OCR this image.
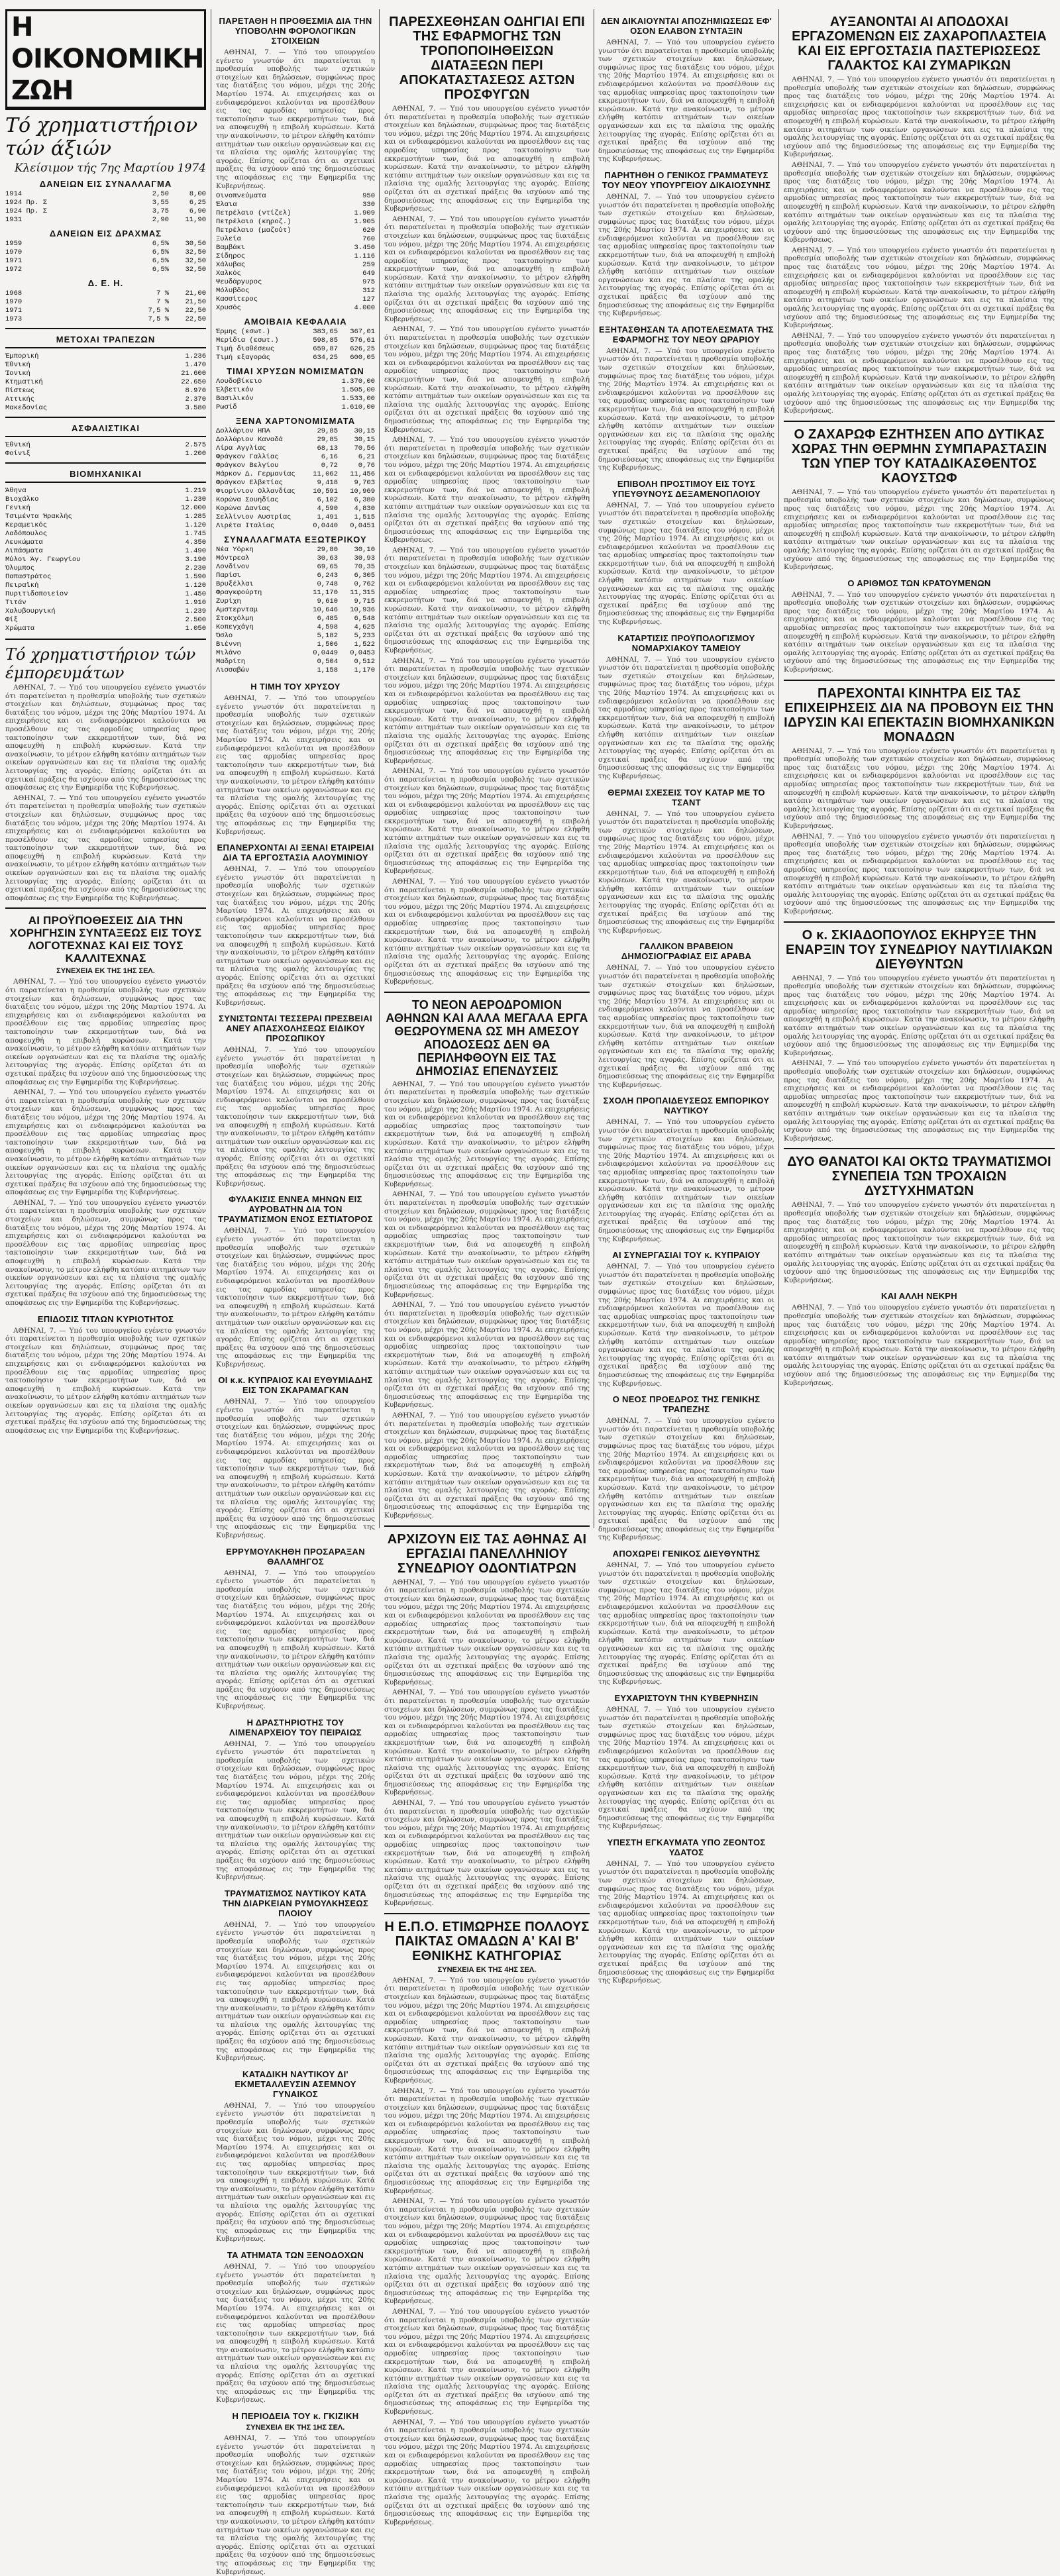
Η ΟΙΚΟΝΟΜΙΚΗ ΖΩΗ
Τό χρηματιστήριον τών άξιών
Κλείσιμον τής 7ης Μαρτίου 1974
ΔΑΝΕΙΩΝ ΕΙΣ ΣΥΝΑΛΛΑΓΜΑ
1914	2,50	8,00
1924 Πρ. Σ	3,55	6,25
1924 Πρ. Σ	3,75	6,90
1931	2,90	11,90
ΔΑΝΕΙΩΝ ΕΙΣ ΔΡΑΧΜΑΣ
1959	6,5%	30,50
1970	6,5%	32,50
1971	6,5%	32,50
1972	6,5%	32,50
Δ. Ε. Η.
1968	7 %	21,00
1970	7 %	21,50
1971	7,5 %	22,50
1973	7,5 %	22,50
ΜΕΤΟΧΑΙ ΤΡΑΠΕΖΩΝ
Έμπορική	1.236
Έθνική	1.470
Ίονική	21.600
Κτηματική	22.650
Πίστεως	8.970
Αττικής	2.370
Μακεδονίας	3.580
ΑΣΦΑΛΙΣΤΙΚΑΙ
Έθνική	2.575
Φοίνιξ	1.200
ΒΙΟΜΗΧΑΝΙΚΑΙ
Άθηνα	1.219
Βιοχάλκο	1.230
Γενική	12.000
Τσιμέντα Ήρακλής	1.285
Κεραμεικός	1.120
Λαδόπουλος	1.745
Λευκώματα	4.350
Λιπάσματα	1.490
Μύλοι Άγ. Γεωργίου	3.190
Όλυμπος	2.230
Παπαστράτος	1.590
Πειραϊκή	1.120
Πυριτιδοποιείον	1.450
Τιτάν	1.910
Χαλυβουργική	1.239
Φίξ	2.500
Χρώματα	1.050
Τό χρηματιστήριον τών έμπορευμάτων

ΑΘΗΝΑΙ, 7. — Υπό του υπουργείου εγένετο γνωστόν ότι παρατείνεται η προθεσμία υποβολής των σχετικών στοιχείων και δηλώσεων, συμφώνως προς τας διατάξεις του νόμου, μέχρι της 20ής Μαρτίου 1974. Αι επιχειρήσεις και οι ενδιαφερόμενοι καλούνται να προσέλθουν εις τας αρμοδίας υπηρεσίας προς τακτοποίησιν των εκκρεμοτήτων των, διά να αποφευχθή η επιβολή κυρώσεων. Κατά την ανακοίνωσιν, το μέτρον ελήφθη κατόπιν αιτημάτων των οικείων οργανώσεων και εις τα πλαίσια της ομαλής λειτουργίας της αγοράς. Επίσης ορίζεται ότι αι σχετικαί πράξεις θα ισχύουν από της δημοσιεύσεως της αποφάσεως εις την Εφημερίδα της Κυβερνήσεως.

ΑΘΗΝΑΙ, 7. — Υπό του υπουργείου εγένετο γνωστόν ότι παρατείνεται η προθεσμία υποβολής των σχετικών στοιχείων και δηλώσεων, συμφώνως προς τας διατάξεις του νόμου, μέχρι της 20ής Μαρτίου 1974. Αι επιχειρήσεις και οι ενδιαφερόμενοι καλούνται να προσέλθουν εις τας αρμοδίας υπηρεσίας προς τακτοποίησιν των εκκρεμοτήτων των, διά να αποφευχθή η επιβολή κυρώσεων. Κατά την ανακοίνωσιν, το μέτρον ελήφθη κατόπιν αιτημάτων των οικείων οργανώσεων και εις τα πλαίσια της ομαλής λειτουργίας της αγοράς. Επίσης ορίζεται ότι αι σχετικαί πράξεις θα ισχύουν από της δημοσιεύσεως της αποφάσεως εις την Εφημερίδα της Κυβερνήσεως.

ΑΙ ΠΡΟΫΠΟΘΕΣΕΙΣ ΔΙΑ ΤΗΝ ΧΟΡΗΓΗΣΙΝ ΣΥΝΤΑΞΕΩΣ ΕΙΣ ΤΟΥΣ ΛΟΓΟΤΕΧΝΑΣ ΚΑΙ ΕΙΣ ΤΟΥΣ ΚΑΛΛΙΤΕΧΝΑΣ
ΣΥΝΕΧΕΙΑ ΕΚ ΤΗΣ 1ΗΣ ΣΕΛ.

ΑΘΗΝΑΙ, 7. — Υπό του υπουργείου εγένετο γνωστόν ότι παρατείνεται η προθεσμία υποβολής των σχετικών στοιχείων και δηλώσεων, συμφώνως προς τας διατάξεις του νόμου, μέχρι της 20ής Μαρτίου 1974. Αι επιχειρήσεις και οι ενδιαφερόμενοι καλούνται να προσέλθουν εις τας αρμοδίας υπηρεσίας προς τακτοποίησιν των εκκρεμοτήτων των, διά να αποφευχθή η επιβολή κυρώσεων. Κατά την ανακοίνωσιν, το μέτρον ελήφθη κατόπιν αιτημάτων των οικείων οργανώσεων και εις τα πλαίσια της ομαλής λειτουργίας της αγοράς. Επίσης ορίζεται ότι αι σχετικαί πράξεις θα ισχύουν από της δημοσιεύσεως της αποφάσεως εις την Εφημερίδα της Κυβερνήσεως.

ΑΘΗΝΑΙ, 7. — Υπό του υπουργείου εγένετο γνωστόν ότι παρατείνεται η προθεσμία υποβολής των σχετικών στοιχείων και δηλώσεων, συμφώνως προς τας διατάξεις του νόμου, μέχρι της 20ής Μαρτίου 1974. Αι επιχειρήσεις και οι ενδιαφερόμενοι καλούνται να προσέλθουν εις τας αρμοδίας υπηρεσίας προς τακτοποίησιν των εκκρεμοτήτων των, διά να αποφευχθή η επιβολή κυρώσεων. Κατά την ανακοίνωσιν, το μέτρον ελήφθη κατόπιν αιτημάτων των οικείων οργανώσεων και εις τα πλαίσια της ομαλής λειτουργίας της αγοράς. Επίσης ορίζεται ότι αι σχετικαί πράξεις θα ισχύουν από της δημοσιεύσεως της αποφάσεως εις την Εφημερίδα της Κυβερνήσεως.

ΑΘΗΝΑΙ, 7. — Υπό του υπουργείου εγένετο γνωστόν ότι παρατείνεται η προθεσμία υποβολής των σχετικών στοιχείων και δηλώσεων, συμφώνως προς τας διατάξεις του νόμου, μέχρι της 20ής Μαρτίου 1974. Αι επιχειρήσεις και οι ενδιαφερόμενοι καλούνται να προσέλθουν εις τας αρμοδίας υπηρεσίας προς τακτοποίησιν των εκκρεμοτήτων των, διά να αποφευχθή η επιβολή κυρώσεων. Κατά την ανακοίνωσιν, το μέτρον ελήφθη κατόπιν αιτημάτων των οικείων οργανώσεων και εις τα πλαίσια της ομαλής λειτουργίας της αγοράς. Επίσης ορίζεται ότι αι σχετικαί πράξεις θα ισχύουν από της δημοσιεύσεως της αποφάσεως εις την Εφημερίδα της Κυβερνήσεως.

ΕΠΙΔΟΣΙΣ ΤΙΤΛΩΝ ΚΥΡΙΟΤΗΤΟΣ

ΑΘΗΝΑΙ, 7. — Υπό του υπουργείου εγένετο γνωστόν ότι παρατείνεται η προθεσμία υποβολής των σχετικών στοιχείων και δηλώσεων, συμφώνως προς τας διατάξεις του νόμου, μέχρι της 20ής Μαρτίου 1974. Αι επιχειρήσεις και οι ενδιαφερόμενοι καλούνται να προσέλθουν εις τας αρμοδίας υπηρεσίας προς τακτοποίησιν των εκκρεμοτήτων των, διά να αποφευχθή η επιβολή κυρώσεων. Κατά την ανακοίνωσιν, το μέτρον ελήφθη κατόπιν αιτημάτων των οικείων οργανώσεων και εις τα πλαίσια της ομαλής λειτουργίας της αγοράς. Επίσης ορίζεται ότι αι σχετικαί πράξεις θα ισχύουν από της δημοσιεύσεως της αποφάσεως εις την Εφημερίδα της Κυβερνήσεως.

ΠΑΡΕΤΑΘΗ Η ΠΡΟΘΕΣΜΙΑ ΔΙΑ ΤΗΝ ΥΠΟΒΟΛΗΝ ΦΟΡΟΛΟΓΙΚΩΝ ΣΤΟΙΧΕΙΩΝ

ΑΘΗΝΑΙ, 7. — Υπό του υπουργείου εγένετο γνωστόν ότι παρατείνεται η προθεσμία υποβολής των σχετικών στοιχείων και δηλώσεων, συμφώνως προς τας διατάξεις του νόμου, μέχρι της 20ής Μαρτίου 1974. Αι επιχειρήσεις και οι ενδιαφερόμενοι καλούνται να προσέλθουν εις τας αρμοδίας υπηρεσίας προς τακτοποίησιν των εκκρεμοτήτων των, διά να αποφευχθή η επιβολή κυρώσεων. Κατά την ανακοίνωσιν, το μέτρον ελήφθη κατόπιν αιτημάτων των οικείων οργανώσεων και εις τα πλαίσια της ομαλής λειτουργίας της αγοράς. Επίσης ορίζεται ότι αι σχετικαί πράξεις θα ισχύουν από της δημοσιεύσεως της αποφάσεως εις την Εφημερίδα της Κυβερνήσεως.

Οινοπνεύματα	950
Έλαια	330
Πετρέλαιο (ντίζελ)	1.909
Πετρέλαιο (κηροζ.)	1.905
Πετρέλαιο (μαζούτ)	620
Ξυλεία	760
Βαμβάκι	3.450
Σίδηρος	1.116
Χάλυβας	259
Χαλκός	649
Ψευδάργυρος	975
Μόλυβδος	312
Κασσίτερος	127
Χρυσός	4.000
ΑΜΟΙΒΑΙΑ ΚΕΦΑΛΑΙΑ
Έρμης (εσωτ.)	383,65	367,01
Μερίδια (εσωτ.)	598,85	576,61
Τιμή διαθέσεως	659,87	626,25
Τιμή εξαγοράς	634,25	600,05
ΤΙΜΑΙ ΧΡΥΣΩΝ ΝΟΜΙΣΜΑΤΩΝ
Λουδοβίκειο	1.370,00
Έλβετικόν	1.505,00
Βασιλικόν	1.533,00
Ρωσίδ	1.610,00
ΞΕΝΑ ΧΑΡΤΟΝΟΜΙΣΜΑΤΑ
Δολλάριον ΗΠΑ	29,85	30,15
Δολλάριον Καναδά	29,85	30,15
Λίρα Αγγλίας	68,13	70,56
Φράγκον Γαλλίας	6,16	6,21
Φράγκον Βελγίου	0,72	0,76
Μάρκον Δ. Γερμανίας	11,062	11,456
Φράγκον Ελβετίας	9,418	9,703
Φιορίνιον Ολλανδίας	10,591	10,969
Κορώνα Σουηδίας	6,102	6,380
Κορώνα Δανίας	4,590	4,830
Σελλίνιον Αυστρίας	1,491	1,515
Λιρέτα Ιταλίας	0,0440	0,0451
ΣΥΝΑΛΛΑΓΜΑΤΑ ΕΞΩΤΕΡΙΚΟΥ
Νέα Υόρκη	29,80	30,10
Μόντρεαλ	30,63	30,93
Λονδίνον	69,65	70,35
Παρίσι	6,243	6,305
Βρυξέλλαι	0,748	0,762
Φραγκφούρτη	11,170	11,315
Ζυρίχη	9,610	9,715
Αμστερνταμ	10,646	10,936
Στοκχόλμη	6,485	6,548
Κοπεγχάγη	4,598	4,625
Όσλο	5,182	5,233
Βιέννη	1,506	1,522
Μιλάνο	0,0449	0,0453
Μαδρίτη	0,504	0,512
Λισσαβών	1,158	1,170
Η ΤΙΜΗ ΤΟΥ ΧΡΥΣΟΥ

ΑΘΗΝΑΙ, 7. — Υπό του υπουργείου εγένετο γνωστόν ότι παρατείνεται η προθεσμία υποβολής των σχετικών στοιχείων και δηλώσεων, συμφώνως προς τας διατάξεις του νόμου, μέχρι της 20ής Μαρτίου 1974. Αι επιχειρήσεις και οι ενδιαφερόμενοι καλούνται να προσέλθουν εις τας αρμοδίας υπηρεσίας προς τακτοποίησιν των εκκρεμοτήτων των, διά να αποφευχθή η επιβολή κυρώσεων. Κατά την ανακοίνωσιν, το μέτρον ελήφθη κατόπιν αιτημάτων των οικείων οργανώσεων και εις τα πλαίσια της ομαλής λειτουργίας της αγοράς. Επίσης ορίζεται ότι αι σχετικαί πράξεις θα ισχύουν από της δημοσιεύσεως της αποφάσεως εις την Εφημερίδα της Κυβερνήσεως.

ΕΠΑΝΕΡΧΟΝΤΑΙ ΑΙ ΞΕΝΑΙ ΕΤΑΙΡΕΙΑΙ ΔΙΑ ΤΑ ΕΡΓΟΣΤΑΣΙΑ ΑΛΟΥΜΙΝΙΟΥ

ΑΘΗΝΑΙ, 7. — Υπό του υπουργείου εγένετο γνωστόν ότι παρατείνεται η προθεσμία υποβολής των σχετικών στοιχείων και δηλώσεων, συμφώνως προς τας διατάξεις του νόμου, μέχρι της 20ής Μαρτίου 1974. Αι επιχειρήσεις και οι ενδιαφερόμενοι καλούνται να προσέλθουν εις τας αρμοδίας υπηρεσίας προς τακτοποίησιν των εκκρεμοτήτων των, διά να αποφευχθή η επιβολή κυρώσεων. Κατά την ανακοίνωσιν, το μέτρον ελήφθη κατόπιν αιτημάτων των οικείων οργανώσεων και εις τα πλαίσια της ομαλής λειτουργίας της αγοράς. Επίσης ορίζεται ότι αι σχετικαί πράξεις θα ισχύουν από της δημοσιεύσεως της αποφάσεως εις την Εφημερίδα της Κυβερνήσεως.

ΣΥΝΙΣΤΩΝΤΑΙ ΤΕΣΣΕΡΑΙ ΠΡΕΣΒΕΙΑΙ ΑΝΕΥ ΑΠΑΣΧΟΛΗΣΕΩΣ ΕΙΔΙΚΟΥ ΠΡΟΣΩΠΙΚΟΥ

ΑΘΗΝΑΙ, 7. — Υπό του υπουργείου εγένετο γνωστόν ότι παρατείνεται η προθεσμία υποβολής των σχετικών στοιχείων και δηλώσεων, συμφώνως προς τας διατάξεις του νόμου, μέχρι της 20ής Μαρτίου 1974. Αι επιχειρήσεις και οι ενδιαφερόμενοι καλούνται να προσέλθουν εις τας αρμοδίας υπηρεσίας προς τακτοποίησιν των εκκρεμοτήτων των, διά να αποφευχθή η επιβολή κυρώσεων. Κατά την ανακοίνωσιν, το μέτρον ελήφθη κατόπιν αιτημάτων των οικείων οργανώσεων και εις τα πλαίσια της ομαλής λειτουργίας της αγοράς. Επίσης ορίζεται ότι αι σχετικαί πράξεις θα ισχύουν από της δημοσιεύσεως της αποφάσεως εις την Εφημερίδα της Κυβερνήσεως.

ΦΥΛΑΚΙΣΙΣ ΕΝΝΕΑ ΜΗΝΩΝ ΕΙΣ ΑΥΡΟΒΑΤΗΝ ΔΙΑ ΤΟΝ ΤΡΑΥΜΑΤΙΣΜΟΝ ΕΝΟΣ ΕΣΤΙΑΤΟΡΟΣ

ΑΘΗΝΑΙ, 7. — Υπό του υπουργείου εγένετο γνωστόν ότι παρατείνεται η προθεσμία υποβολής των σχετικών στοιχείων και δηλώσεων, συμφώνως προς τας διατάξεις του νόμου, μέχρι της 20ής Μαρτίου 1974. Αι επιχειρήσεις και οι ενδιαφερόμενοι καλούνται να προσέλθουν εις τας αρμοδίας υπηρεσίας προς τακτοποίησιν των εκκρεμοτήτων των, διά να αποφευχθή η επιβολή κυρώσεων. Κατά την ανακοίνωσιν, το μέτρον ελήφθη κατόπιν αιτημάτων των οικείων οργανώσεων και εις τα πλαίσια της ομαλής λειτουργίας της αγοράς. Επίσης ορίζεται ότι αι σχετικαί πράξεις θα ισχύουν από της δημοσιεύσεως της αποφάσεως εις την Εφημερίδα της Κυβερνήσεως.

ΟΙ κ.κ. ΚΥΠΡΑΙΟΣ ΚΑΙ ΕΥΘΥΜΙΑΔΗΣ ΕΙΣ ΤΟΝ ΣΚΑΡΑΜΑΓΚΑΝ

ΑΘΗΝΑΙ, 7. — Υπό του υπουργείου εγένετο γνωστόν ότι παρατείνεται η προθεσμία υποβολής των σχετικών στοιχείων και δηλώσεων, συμφώνως προς τας διατάξεις του νόμου, μέχρι της 20ής Μαρτίου 1974. Αι επιχειρήσεις και οι ενδιαφερόμενοι καλούνται να προσέλθουν εις τας αρμοδίας υπηρεσίας προς τακτοποίησιν των εκκρεμοτήτων των, διά να αποφευχθή η επιβολή κυρώσεων. Κατά την ανακοίνωσιν, το μέτρον ελήφθη κατόπιν αιτημάτων των οικείων οργανώσεων και εις τα πλαίσια της ομαλής λειτουργίας της αγοράς. Επίσης ορίζεται ότι αι σχετικαί πράξεις θα ισχύουν από της δημοσιεύσεως της αποφάσεως εις την Εφημερίδα της Κυβερνήσεως.

ΕΡΡΥΜΟΥΛΚΗΘΗ ΠΡΟΣΑΡΑΞΑΝ ΘΑΛΑΜΗΓΟΣ

ΑΘΗΝΑΙ, 7. — Υπό του υπουργείου εγένετο γνωστόν ότι παρατείνεται η προθεσμία υποβολής των σχετικών στοιχείων και δηλώσεων, συμφώνως προς τας διατάξεις του νόμου, μέχρι της 20ής Μαρτίου 1974. Αι επιχειρήσεις και οι ενδιαφερόμενοι καλούνται να προσέλθουν εις τας αρμοδίας υπηρεσίας προς τακτοποίησιν των εκκρεμοτήτων των, διά να αποφευχθή η επιβολή κυρώσεων. Κατά την ανακοίνωσιν, το μέτρον ελήφθη κατόπιν αιτημάτων των οικείων οργανώσεων και εις τα πλαίσια της ομαλής λειτουργίας της αγοράς. Επίσης ορίζεται ότι αι σχετικαί πράξεις θα ισχύουν από της δημοσιεύσεως της αποφάσεως εις την Εφημερίδα της Κυβερνήσεως.

Η ΔΡΑΣΤΗΡΙΟΤΗΣ ΤΟΥ ΛΙΜΕΝΑΡΧΕΙΟΥ ΤΟΥ ΠΕΙΡΑΙΩΣ

ΑΘΗΝΑΙ, 7. — Υπό του υπουργείου εγένετο γνωστόν ότι παρατείνεται η προθεσμία υποβολής των σχετικών στοιχείων και δηλώσεων, συμφώνως προς τας διατάξεις του νόμου, μέχρι της 20ής Μαρτίου 1974. Αι επιχειρήσεις και οι ενδιαφερόμενοι καλούνται να προσέλθουν εις τας αρμοδίας υπηρεσίας προς τακτοποίησιν των εκκρεμοτήτων των, διά να αποφευχθή η επιβολή κυρώσεων. Κατά την ανακοίνωσιν, το μέτρον ελήφθη κατόπιν αιτημάτων των οικείων οργανώσεων και εις τα πλαίσια της ομαλής λειτουργίας της αγοράς. Επίσης ορίζεται ότι αι σχετικαί πράξεις θα ισχύουν από της δημοσιεύσεως της αποφάσεως εις την Εφημερίδα της Κυβερνήσεως.

ΤΡΑΥΜΑΤΙΣΜΟΣ ΝΑΥΤΙΚΟΥ ΚΑΤΑ ΤΗΝ ΔΙΑΡΚΕΙΑΝ ΡΥΜΟΥΛΚΗΣΕΩΣ ΠΛΟΙΟΥ

ΑΘΗΝΑΙ, 7. — Υπό του υπουργείου εγένετο γνωστόν ότι παρατείνεται η προθεσμία υποβολής των σχετικών στοιχείων και δηλώσεων, συμφώνως προς τας διατάξεις του νόμου, μέχρι της 20ής Μαρτίου 1974. Αι επιχειρήσεις και οι ενδιαφερόμενοι καλούνται να προσέλθουν εις τας αρμοδίας υπηρεσίας προς τακτοποίησιν των εκκρεμοτήτων των, διά να αποφευχθή η επιβολή κυρώσεων. Κατά την ανακοίνωσιν, το μέτρον ελήφθη κατόπιν αιτημάτων των οικείων οργανώσεων και εις τα πλαίσια της ομαλής λειτουργίας της αγοράς. Επίσης ορίζεται ότι αι σχετικαί πράξεις θα ισχύουν από της δημοσιεύσεως της αποφάσεως εις την Εφημερίδα της Κυβερνήσεως.

ΚΑΤΑΔΙΚΗ ΝΑΥΤΙΚΟΥ ΔΙ' ΕΚΜΕΤΑΛΛΕΥΣΙΝ ΑΣΕΜΝΟΥ ΓΥΝΑΙΚΟΣ

ΑΘΗΝΑΙ, 7. — Υπό του υπουργείου εγένετο γνωστόν ότι παρατείνεται η προθεσμία υποβολής των σχετικών στοιχείων και δηλώσεων, συμφώνως προς τας διατάξεις του νόμου, μέχρι της 20ής Μαρτίου 1974. Αι επιχειρήσεις και οι ενδιαφερόμενοι καλούνται να προσέλθουν εις τας αρμοδίας υπηρεσίας προς τακτοποίησιν των εκκρεμοτήτων των, διά να αποφευχθή η επιβολή κυρώσεων. Κατά την ανακοίνωσιν, το μέτρον ελήφθη κατόπιν αιτημάτων των οικείων οργανώσεων και εις τα πλαίσια της ομαλής λειτουργίας της αγοράς. Επίσης ορίζεται ότι αι σχετικαί πράξεις θα ισχύουν από της δημοσιεύσεως της αποφάσεως εις την Εφημερίδα της Κυβερνήσεως.

ΤΑ ΑΤΗΜΑΤΑ ΤΩΝ ΞΕΝΟΔΟΧΩΝ

ΑΘΗΝΑΙ, 7. — Υπό του υπουργείου εγένετο γνωστόν ότι παρατείνεται η προθεσμία υποβολής των σχετικών στοιχείων και δηλώσεων, συμφώνως προς τας διατάξεις του νόμου, μέχρι της 20ής Μαρτίου 1974. Αι επιχειρήσεις και οι ενδιαφερόμενοι καλούνται να προσέλθουν εις τας αρμοδίας υπηρεσίας προς τακτοποίησιν των εκκρεμοτήτων των, διά να αποφευχθή η επιβολή κυρώσεων. Κατά την ανακοίνωσιν, το μέτρον ελήφθη κατόπιν αιτημάτων των οικείων οργανώσεων και εις τα πλαίσια της ομαλής λειτουργίας της αγοράς. Επίσης ορίζεται ότι αι σχετικαί πράξεις θα ισχύουν από της δημοσιεύσεως της αποφάσεως εις την Εφημερίδα της Κυβερνήσεως.

Η ΠΕΡΙΟΔΕΙΑ ΤΟΥ κ. ΓΚΙΖΙΚΗ
ΣΥΝΕΧΕΙΑ ΕΚ ΤΗΣ 1ΗΣ ΣΕΛ.

ΑΘΗΝΑΙ, 7. — Υπό του υπουργείου εγένετο γνωστόν ότι παρατείνεται η προθεσμία υποβολής των σχετικών στοιχείων και δηλώσεων, συμφώνως προς τας διατάξεις του νόμου, μέχρι της 20ής Μαρτίου 1974. Αι επιχειρήσεις και οι ενδιαφερόμενοι καλούνται να προσέλθουν εις τας αρμοδίας υπηρεσίας προς τακτοποίησιν των εκκρεμοτήτων των, διά να αποφευχθή η επιβολή κυρώσεων. Κατά την ανακοίνωσιν, το μέτρον ελήφθη κατόπιν αιτημάτων των οικείων οργανώσεων και εις τα πλαίσια της ομαλής λειτουργίας της αγοράς. Επίσης ορίζεται ότι αι σχετικαί πράξεις θα ισχύουν από της δημοσιεύσεως της αποφάσεως εις την Εφημερίδα της Κυβερνήσεως.

ΠΑΡΕΣΧΕΘΗΣΑΝ ΟΔΗΓΙΑΙ ΕΠΙ ΤΗΣ ΕΦΑΡΜΟΓΗΣ ΤΩΝ ΤΡΟΠΟΠΟΙΗΘΕΙΣΩΝ ΔΙΑΤΑΞΕΩΝ ΠΕΡΙ ΑΠΟΚΑΤΑΣΤΑΣΕΩΣ ΑΣΤΩΝ ΠΡΟΣΦΥΓΩΝ

ΑΘΗΝΑΙ, 7. — Υπό του υπουργείου εγένετο γνωστόν ότι παρατείνεται η προθεσμία υποβολής των σχετικών στοιχείων και δηλώσεων, συμφώνως προς τας διατάξεις του νόμου, μέχρι της 20ής Μαρτίου 1974. Αι επιχειρήσεις και οι ενδιαφερόμενοι καλούνται να προσέλθουν εις τας αρμοδίας υπηρεσίας προς τακτοποίησιν των εκκρεμοτήτων των, διά να αποφευχθή η επιβολή κυρώσεων. Κατά την ανακοίνωσιν, το μέτρον ελήφθη κατόπιν αιτημάτων των οικείων οργανώσεων και εις τα πλαίσια της ομαλής λειτουργίας της αγοράς. Επίσης ορίζεται ότι αι σχετικαί πράξεις θα ισχύουν από της δημοσιεύσεως της αποφάσεως εις την Εφημερίδα της Κυβερνήσεως.

ΑΘΗΝΑΙ, 7. — Υπό του υπουργείου εγένετο γνωστόν ότι παρατείνεται η προθεσμία υποβολής των σχετικών στοιχείων και δηλώσεων, συμφώνως προς τας διατάξεις του νόμου, μέχρι της 20ής Μαρτίου 1974. Αι επιχειρήσεις και οι ενδιαφερόμενοι καλούνται να προσέλθουν εις τας αρμοδίας υπηρεσίας προς τακτοποίησιν των εκκρεμοτήτων των, διά να αποφευχθή η επιβολή κυρώσεων. Κατά την ανακοίνωσιν, το μέτρον ελήφθη κατόπιν αιτημάτων των οικείων οργανώσεων και εις τα πλαίσια της ομαλής λειτουργίας της αγοράς. Επίσης ορίζεται ότι αι σχετικαί πράξεις θα ισχύουν από της δημοσιεύσεως της αποφάσεως εις την Εφημερίδα της Κυβερνήσεως.

ΑΘΗΝΑΙ, 7. — Υπό του υπουργείου εγένετο γνωστόν ότι παρατείνεται η προθεσμία υποβολής των σχετικών στοιχείων και δηλώσεων, συμφώνως προς τας διατάξεις του νόμου, μέχρι της 20ής Μαρτίου 1974. Αι επιχειρήσεις και οι ενδιαφερόμενοι καλούνται να προσέλθουν εις τας αρμοδίας υπηρεσίας προς τακτοποίησιν των εκκρεμοτήτων των, διά να αποφευχθή η επιβολή κυρώσεων. Κατά την ανακοίνωσιν, το μέτρον ελήφθη κατόπιν αιτημάτων των οικείων οργανώσεων και εις τα πλαίσια της ομαλής λειτουργίας της αγοράς. Επίσης ορίζεται ότι αι σχετικαί πράξεις θα ισχύουν από της δημοσιεύσεως της αποφάσεως εις την Εφημερίδα της Κυβερνήσεως.

ΑΘΗΝΑΙ, 7. — Υπό του υπουργείου εγένετο γνωστόν ότι παρατείνεται η προθεσμία υποβολής των σχετικών στοιχείων και δηλώσεων, συμφώνως προς τας διατάξεις του νόμου, μέχρι της 20ής Μαρτίου 1974. Αι επιχειρήσεις και οι ενδιαφερόμενοι καλούνται να προσέλθουν εις τας αρμοδίας υπηρεσίας προς τακτοποίησιν των εκκρεμοτήτων των, διά να αποφευχθή η επιβολή κυρώσεων. Κατά την ανακοίνωσιν, το μέτρον ελήφθη κατόπιν αιτημάτων των οικείων οργανώσεων και εις τα πλαίσια της ομαλής λειτουργίας της αγοράς. Επίσης ορίζεται ότι αι σχετικαί πράξεις θα ισχύουν από της δημοσιεύσεως της αποφάσεως εις την Εφημερίδα της Κυβερνήσεως.

ΑΘΗΝΑΙ, 7. — Υπό του υπουργείου εγένετο γνωστόν ότι παρατείνεται η προθεσμία υποβολής των σχετικών στοιχείων και δηλώσεων, συμφώνως προς τας διατάξεις του νόμου, μέχρι της 20ής Μαρτίου 1974. Αι επιχειρήσεις και οι ενδιαφερόμενοι καλούνται να προσέλθουν εις τας αρμοδίας υπηρεσίας προς τακτοποίησιν των εκκρεμοτήτων των, διά να αποφευχθή η επιβολή κυρώσεων. Κατά την ανακοίνωσιν, το μέτρον ελήφθη κατόπιν αιτημάτων των οικείων οργανώσεων και εις τα πλαίσια της ομαλής λειτουργίας της αγοράς. Επίσης ορίζεται ότι αι σχετικαί πράξεις θα ισχύουν από της δημοσιεύσεως της αποφάσεως εις την Εφημερίδα της Κυβερνήσεως.

ΑΘΗΝΑΙ, 7. — Υπό του υπουργείου εγένετο γνωστόν ότι παρατείνεται η προθεσμία υποβολής των σχετικών στοιχείων και δηλώσεων, συμφώνως προς τας διατάξεις του νόμου, μέχρι της 20ής Μαρτίου 1974. Αι επιχειρήσεις και οι ενδιαφερόμενοι καλούνται να προσέλθουν εις τας αρμοδίας υπηρεσίας προς τακτοποίησιν των εκκρεμοτήτων των, διά να αποφευχθή η επιβολή κυρώσεων. Κατά την ανακοίνωσιν, το μέτρον ελήφθη κατόπιν αιτημάτων των οικείων οργανώσεων και εις τα πλαίσια της ομαλής λειτουργίας της αγοράς. Επίσης ορίζεται ότι αι σχετικαί πράξεις θα ισχύουν από της δημοσιεύσεως της αποφάσεως εις την Εφημερίδα της Κυβερνήσεως.

ΑΘΗΝΑΙ, 7. — Υπό του υπουργείου εγένετο γνωστόν ότι παρατείνεται η προθεσμία υποβολής των σχετικών στοιχείων και δηλώσεων, συμφώνως προς τας διατάξεις του νόμου, μέχρι της 20ής Μαρτίου 1974. Αι επιχειρήσεις και οι ενδιαφερόμενοι καλούνται να προσέλθουν εις τας αρμοδίας υπηρεσίας προς τακτοποίησιν των εκκρεμοτήτων των, διά να αποφευχθή η επιβολή κυρώσεων. Κατά την ανακοίνωσιν, το μέτρον ελήφθη κατόπιν αιτημάτων των οικείων οργανώσεων και εις τα πλαίσια της ομαλής λειτουργίας της αγοράς. Επίσης ορίζεται ότι αι σχετικαί πράξεις θα ισχύουν από της δημοσιεύσεως της αποφάσεως εις την Εφημερίδα της Κυβερνήσεως.

ΑΘΗΝΑΙ, 7. — Υπό του υπουργείου εγένετο γνωστόν ότι παρατείνεται η προθεσμία υποβολής των σχετικών στοιχείων και δηλώσεων, συμφώνως προς τας διατάξεις του νόμου, μέχρι της 20ής Μαρτίου 1974. Αι επιχειρήσεις και οι ενδιαφερόμενοι καλούνται να προσέλθουν εις τας αρμοδίας υπηρεσίας προς τακτοποίησιν των εκκρεμοτήτων των, διά να αποφευχθή η επιβολή κυρώσεων. Κατά την ανακοίνωσιν, το μέτρον ελήφθη κατόπιν αιτημάτων των οικείων οργανώσεων και εις τα πλαίσια της ομαλής λειτουργίας της αγοράς. Επίσης ορίζεται ότι αι σχετικαί πράξεις θα ισχύουν από της δημοσιεύσεως της αποφάσεως εις την Εφημερίδα της Κυβερνήσεως.

ΤΟ ΝΕΟΝ ΑΕΡΟΔΡΟΜΙΟΝ ΑΘΗΝΩΝ ΚΑΙ ΑΛΛΑ ΜΕΓΑΛΑ ΕΡΓΑ ΘΕΩΡΟΥΜΕΝΑ ΩΣ ΜΗ ΑΜΕΣΟΥ ΑΠΟΔΟΣΕΩΣ ΔΕΝ ΘΑ ΠΕΡΙΛΗΦΘΟΥΝ ΕΙΣ ΤΑΣ ΔΗΜΟΣΙΑΣ ΕΠΕΝΔΥΣΕΙΣ

ΑΘΗΝΑΙ, 7. — Υπό του υπουργείου εγένετο γνωστόν ότι παρατείνεται η προθεσμία υποβολής των σχετικών στοιχείων και δηλώσεων, συμφώνως προς τας διατάξεις του νόμου, μέχρι της 20ής Μαρτίου 1974. Αι επιχειρήσεις και οι ενδιαφερόμενοι καλούνται να προσέλθουν εις τας αρμοδίας υπηρεσίας προς τακτοποίησιν των εκκρεμοτήτων των, διά να αποφευχθή η επιβολή κυρώσεων. Κατά την ανακοίνωσιν, το μέτρον ελήφθη κατόπιν αιτημάτων των οικείων οργανώσεων και εις τα πλαίσια της ομαλής λειτουργίας της αγοράς. Επίσης ορίζεται ότι αι σχετικαί πράξεις θα ισχύουν από της δημοσιεύσεως της αποφάσεως εις την Εφημερίδα της Κυβερνήσεως.

ΑΘΗΝΑΙ, 7. — Υπό του υπουργείου εγένετο γνωστόν ότι παρατείνεται η προθεσμία υποβολής των σχετικών στοιχείων και δηλώσεων, συμφώνως προς τας διατάξεις του νόμου, μέχρι της 20ής Μαρτίου 1974. Αι επιχειρήσεις και οι ενδιαφερόμενοι καλούνται να προσέλθουν εις τας αρμοδίας υπηρεσίας προς τακτοποίησιν των εκκρεμοτήτων των, διά να αποφευχθή η επιβολή κυρώσεων. Κατά την ανακοίνωσιν, το μέτρον ελήφθη κατόπιν αιτημάτων των οικείων οργανώσεων και εις τα πλαίσια της ομαλής λειτουργίας της αγοράς. Επίσης ορίζεται ότι αι σχετικαί πράξεις θα ισχύουν από της δημοσιεύσεως της αποφάσεως εις την Εφημερίδα της Κυβερνήσεως.

ΑΘΗΝΑΙ, 7. — Υπό του υπουργείου εγένετο γνωστόν ότι παρατείνεται η προθεσμία υποβολής των σχετικών στοιχείων και δηλώσεων, συμφώνως προς τας διατάξεις του νόμου, μέχρι της 20ής Μαρτίου 1974. Αι επιχειρήσεις και οι ενδιαφερόμενοι καλούνται να προσέλθουν εις τας αρμοδίας υπηρεσίας προς τακτοποίησιν των εκκρεμοτήτων των, διά να αποφευχθή η επιβολή κυρώσεων. Κατά την ανακοίνωσιν, το μέτρον ελήφθη κατόπιν αιτημάτων των οικείων οργανώσεων και εις τα πλαίσια της ομαλής λειτουργίας της αγοράς. Επίσης ορίζεται ότι αι σχετικαί πράξεις θα ισχύουν από της δημοσιεύσεως της αποφάσεως εις την Εφημερίδα της Κυβερνήσεως.

ΑΘΗΝΑΙ, 7. — Υπό του υπουργείου εγένετο γνωστόν ότι παρατείνεται η προθεσμία υποβολής των σχετικών στοιχείων και δηλώσεων, συμφώνως προς τας διατάξεις του νόμου, μέχρι της 20ής Μαρτίου 1974. Αι επιχειρήσεις και οι ενδιαφερόμενοι καλούνται να προσέλθουν εις τας αρμοδίας υπηρεσίας προς τακτοποίησιν των εκκρεμοτήτων των, διά να αποφευχθή η επιβολή κυρώσεων. Κατά την ανακοίνωσιν, το μέτρον ελήφθη κατόπιν αιτημάτων των οικείων οργανώσεων και εις τα πλαίσια της ομαλής λειτουργίας της αγοράς. Επίσης ορίζεται ότι αι σχετικαί πράξεις θα ισχύουν από της δημοσιεύσεως της αποφάσεως εις την Εφημερίδα της Κυβερνήσεως.

ΑΡΧΙΖΟΥΝ ΕΙΣ ΤΑΣ ΑΘΗΝΑΣ ΑΙ ΕΡΓΑΣΙΑΙ ΠΑΝΕΛΛΗΝΙΟΥ ΣΥΝΕΔΡΙΟΥ ΟΔΟΝΤΙΑΤΡΩΝ

ΑΘΗΝΑΙ, 7. — Υπό του υπουργείου εγένετο γνωστόν ότι παρατείνεται η προθεσμία υποβολής των σχετικών στοιχείων και δηλώσεων, συμφώνως προς τας διατάξεις του νόμου, μέχρι της 20ής Μαρτίου 1974. Αι επιχειρήσεις και οι ενδιαφερόμενοι καλούνται να προσέλθουν εις τας αρμοδίας υπηρεσίας προς τακτοποίησιν των εκκρεμοτήτων των, διά να αποφευχθή η επιβολή κυρώσεων. Κατά την ανακοίνωσιν, το μέτρον ελήφθη κατόπιν αιτημάτων των οικείων οργανώσεων και εις τα πλαίσια της ομαλής λειτουργίας της αγοράς. Επίσης ορίζεται ότι αι σχετικαί πράξεις θα ισχύουν από της δημοσιεύσεως της αποφάσεως εις την Εφημερίδα της Κυβερνήσεως.

ΑΘΗΝΑΙ, 7. — Υπό του υπουργείου εγένετο γνωστόν ότι παρατείνεται η προθεσμία υποβολής των σχετικών στοιχείων και δηλώσεων, συμφώνως προς τας διατάξεις του νόμου, μέχρι της 20ής Μαρτίου 1974. Αι επιχειρήσεις και οι ενδιαφερόμενοι καλούνται να προσέλθουν εις τας αρμοδίας υπηρεσίας προς τακτοποίησιν των εκκρεμοτήτων των, διά να αποφευχθή η επιβολή κυρώσεων. Κατά την ανακοίνωσιν, το μέτρον ελήφθη κατόπιν αιτημάτων των οικείων οργανώσεων και εις τα πλαίσια της ομαλής λειτουργίας της αγοράς. Επίσης ορίζεται ότι αι σχετικαί πράξεις θα ισχύουν από της δημοσιεύσεως της αποφάσεως εις την Εφημερίδα της Κυβερνήσεως.

ΑΘΗΝΑΙ, 7. — Υπό του υπουργείου εγένετο γνωστόν ότι παρατείνεται η προθεσμία υποβολής των σχετικών στοιχείων και δηλώσεων, συμφώνως προς τας διατάξεις του νόμου, μέχρι της 20ής Μαρτίου 1974. Αι επιχειρήσεις και οι ενδιαφερόμενοι καλούνται να προσέλθουν εις τας αρμοδίας υπηρεσίας προς τακτοποίησιν των εκκρεμοτήτων των, διά να αποφευχθή η επιβολή κυρώσεων. Κατά την ανακοίνωσιν, το μέτρον ελήφθη κατόπιν αιτημάτων των οικείων οργανώσεων και εις τα πλαίσια της ομαλής λειτουργίας της αγοράς. Επίσης ορίζεται ότι αι σχετικαί πράξεις θα ισχύουν από της δημοσιεύσεως της αποφάσεως εις την Εφημερίδα της Κυβερνήσεως.

Η Ε.Π.Ο. ΕΤΙΜΩΡΗΣΕ ΠΟΛΛΟΥΣ ΠΑΙΚΤΑΣ ΟΜΑΔΩΝ Α' ΚΑΙ Β' ΕΘΝΙΚΗΣ ΚΑΤΗΓΟΡΙΑΣ
ΣΥΝΕΧΕΙΑ ΕΚ ΤΗΣ 4ΗΣ ΣΕΛ.

ΑΘΗΝΑΙ, 7. — Υπό του υπουργείου εγένετο γνωστόν ότι παρατείνεται η προθεσμία υποβολής των σχετικών στοιχείων και δηλώσεων, συμφώνως προς τας διατάξεις του νόμου, μέχρι της 20ής Μαρτίου 1974. Αι επιχειρήσεις και οι ενδιαφερόμενοι καλούνται να προσέλθουν εις τας αρμοδίας υπηρεσίας προς τακτοποίησιν των εκκρεμοτήτων των, διά να αποφευχθή η επιβολή κυρώσεων. Κατά την ανακοίνωσιν, το μέτρον ελήφθη κατόπιν αιτημάτων των οικείων οργανώσεων και εις τα πλαίσια της ομαλής λειτουργίας της αγοράς. Επίσης ορίζεται ότι αι σχετικαί πράξεις θα ισχύουν από της δημοσιεύσεως της αποφάσεως εις την Εφημερίδα της Κυβερνήσεως.

ΑΘΗΝΑΙ, 7. — Υπό του υπουργείου εγένετο γνωστόν ότι παρατείνεται η προθεσμία υποβολής των σχετικών στοιχείων και δηλώσεων, συμφώνως προς τας διατάξεις του νόμου, μέχρι της 20ής Μαρτίου 1974. Αι επιχειρήσεις και οι ενδιαφερόμενοι καλούνται να προσέλθουν εις τας αρμοδίας υπηρεσίας προς τακτοποίησιν των εκκρεμοτήτων των, διά να αποφευχθή η επιβολή κυρώσεων. Κατά την ανακοίνωσιν, το μέτρον ελήφθη κατόπιν αιτημάτων των οικείων οργανώσεων και εις τα πλαίσια της ομαλής λειτουργίας της αγοράς. Επίσης ορίζεται ότι αι σχετικαί πράξεις θα ισχύουν από της δημοσιεύσεως της αποφάσεως εις την Εφημερίδα της Κυβερνήσεως.

ΑΘΗΝΑΙ, 7. — Υπό του υπουργείου εγένετο γνωστόν ότι παρατείνεται η προθεσμία υποβολής των σχετικών στοιχείων και δηλώσεων, συμφώνως προς τας διατάξεις του νόμου, μέχρι της 20ής Μαρτίου 1974. Αι επιχειρήσεις και οι ενδιαφερόμενοι καλούνται να προσέλθουν εις τας αρμοδίας υπηρεσίας προς τακτοποίησιν των εκκρεμοτήτων των, διά να αποφευχθή η επιβολή κυρώσεων. Κατά την ανακοίνωσιν, το μέτρον ελήφθη κατόπιν αιτημάτων των οικείων οργανώσεων και εις τα πλαίσια της ομαλής λειτουργίας της αγοράς. Επίσης ορίζεται ότι αι σχετικαί πράξεις θα ισχύουν από της δημοσιεύσεως της αποφάσεως εις την Εφημερίδα της Κυβερνήσεως.

ΑΘΗΝΑΙ, 7. — Υπό του υπουργείου εγένετο γνωστόν ότι παρατείνεται η προθεσμία υποβολής των σχετικών στοιχείων και δηλώσεων, συμφώνως προς τας διατάξεις του νόμου, μέχρι της 20ής Μαρτίου 1974. Αι επιχειρήσεις και οι ενδιαφερόμενοι καλούνται να προσέλθουν εις τας αρμοδίας υπηρεσίας προς τακτοποίησιν των εκκρεμοτήτων των, διά να αποφευχθή η επιβολή κυρώσεων. Κατά την ανακοίνωσιν, το μέτρον ελήφθη κατόπιν αιτημάτων των οικείων οργανώσεων και εις τα πλαίσια της ομαλής λειτουργίας της αγοράς. Επίσης ορίζεται ότι αι σχετικαί πράξεις θα ισχύουν από της δημοσιεύσεως της αποφάσεως εις την Εφημερίδα της Κυβερνήσεως.

ΑΘΗΝΑΙ, 7. — Υπό του υπουργείου εγένετο γνωστόν ότι παρατείνεται η προθεσμία υποβολής των σχετικών στοιχείων και δηλώσεων, συμφώνως προς τας διατάξεις του νόμου, μέχρι της 20ής Μαρτίου 1974. Αι επιχειρήσεις και οι ενδιαφερόμενοι καλούνται να προσέλθουν εις τας αρμοδίας υπηρεσίας προς τακτοποίησιν των εκκρεμοτήτων των, διά να αποφευχθή η επιβολή κυρώσεων. Κατά την ανακοίνωσιν, το μέτρον ελήφθη κατόπιν αιτημάτων των οικείων οργανώσεων και εις τα πλαίσια της ομαλής λειτουργίας της αγοράς. Επίσης ορίζεται ότι αι σχετικαί πράξεις θα ισχύουν από της δημοσιεύσεως της αποφάσεως εις την Εφημερίδα της Κυβερνήσεως.

ΔΕΝ ΔΙΚΑΙΟΥΝΤΑΙ ΑΠΟΖΗΜΙΩΣΕΩΣ ΕΦ' ΟΣΟΝ ΕΛΑΒΟΝ ΣΥΝΤΑΞΙΝ

ΑΘΗΝΑΙ, 7. — Υπό του υπουργείου εγένετο γνωστόν ότι παρατείνεται η προθεσμία υποβολής των σχετικών στοιχείων και δηλώσεων, συμφώνως προς τας διατάξεις του νόμου, μέχρι της 20ής Μαρτίου 1974. Αι επιχειρήσεις και οι ενδιαφερόμενοι καλούνται να προσέλθουν εις τας αρμοδίας υπηρεσίας προς τακτοποίησιν των εκκρεμοτήτων των, διά να αποφευχθή η επιβολή κυρώσεων. Κατά την ανακοίνωσιν, το μέτρον ελήφθη κατόπιν αιτημάτων των οικείων οργανώσεων και εις τα πλαίσια της ομαλής λειτουργίας της αγοράς. Επίσης ορίζεται ότι αι σχετικαί πράξεις θα ισχύουν από της δημοσιεύσεως της αποφάσεως εις την Εφημερίδα της Κυβερνήσεως.

ΠΑΡΗΤΗΘΗ Ο ΓΕΝΙΚΟΣ ΓΡΑΜΜΑΤΕΥΣ ΤΟΥ ΝΕΟΥ ΥΠΟΥΡΓΕΙΟΥ ΔΙΚΑΙΟΣΥΝΗΣ

ΑΘΗΝΑΙ, 7. — Υπό του υπουργείου εγένετο γνωστόν ότι παρατείνεται η προθεσμία υποβολής των σχετικών στοιχείων και δηλώσεων, συμφώνως προς τας διατάξεις του νόμου, μέχρι της 20ής Μαρτίου 1974. Αι επιχειρήσεις και οι ενδιαφερόμενοι καλούνται να προσέλθουν εις τας αρμοδίας υπηρεσίας προς τακτοποίησιν των εκκρεμοτήτων των, διά να αποφευχθή η επιβολή κυρώσεων. Κατά την ανακοίνωσιν, το μέτρον ελήφθη κατόπιν αιτημάτων των οικείων οργανώσεων και εις τα πλαίσια της ομαλής λειτουργίας της αγοράς. Επίσης ορίζεται ότι αι σχετικαί πράξεις θα ισχύουν από της δημοσιεύσεως της αποφάσεως εις την Εφημερίδα της Κυβερνήσεως.

ΕΞΗΤΑΣΘΗΣΑΝ ΤΑ ΑΠΟΤΕΛΕΣΜΑΤΑ ΤΗΣ ΕΦΑΡΜΟΓΗΣ ΤΟΥ ΝΕΟΥ ΩΡΑΡΙΟΥ

ΑΘΗΝΑΙ, 7. — Υπό του υπουργείου εγένετο γνωστόν ότι παρατείνεται η προθεσμία υποβολής των σχετικών στοιχείων και δηλώσεων, συμφώνως προς τας διατάξεις του νόμου, μέχρι της 20ής Μαρτίου 1974. Αι επιχειρήσεις και οι ενδιαφερόμενοι καλούνται να προσέλθουν εις τας αρμοδίας υπηρεσίας προς τακτοποίησιν των εκκρεμοτήτων των, διά να αποφευχθή η επιβολή κυρώσεων. Κατά την ανακοίνωσιν, το μέτρον ελήφθη κατόπιν αιτημάτων των οικείων οργανώσεων και εις τα πλαίσια της ομαλής λειτουργίας της αγοράς. Επίσης ορίζεται ότι αι σχετικαί πράξεις θα ισχύουν από της δημοσιεύσεως της αποφάσεως εις την Εφημερίδα της Κυβερνήσεως.

ΕΠΙΒΟΛΗ ΠΡΟΣΤΙΜΟΥ ΕΙΣ ΤΟΥΣ ΥΠΕΥΘΥΝΟΥΣ ΔΕΞΑΜΕΝΟΠΛΟΙΟΥ

ΑΘΗΝΑΙ, 7. — Υπό του υπουργείου εγένετο γνωστόν ότι παρατείνεται η προθεσμία υποβολής των σχετικών στοιχείων και δηλώσεων, συμφώνως προς τας διατάξεις του νόμου, μέχρι της 20ής Μαρτίου 1974. Αι επιχειρήσεις και οι ενδιαφερόμενοι καλούνται να προσέλθουν εις τας αρμοδίας υπηρεσίας προς τακτοποίησιν των εκκρεμοτήτων των, διά να αποφευχθή η επιβολή κυρώσεων. Κατά την ανακοίνωσιν, το μέτρον ελήφθη κατόπιν αιτημάτων των οικείων οργανώσεων και εις τα πλαίσια της ομαλής λειτουργίας της αγοράς. Επίσης ορίζεται ότι αι σχετικαί πράξεις θα ισχύουν από της δημοσιεύσεως της αποφάσεως εις την Εφημερίδα της Κυβερνήσεως.

ΚΑΤΑΡΤΙΣΙΣ ΠΡΟΫΠΟΛΟΓΙΣΜΟΥ ΝΟΜΑΡΧΙΑΚΟΥ ΤΑΜΕΙΟΥ

ΑΘΗΝΑΙ, 7. — Υπό του υπουργείου εγένετο γνωστόν ότι παρατείνεται η προθεσμία υποβολής των σχετικών στοιχείων και δηλώσεων, συμφώνως προς τας διατάξεις του νόμου, μέχρι της 20ής Μαρτίου 1974. Αι επιχειρήσεις και οι ενδιαφερόμενοι καλούνται να προσέλθουν εις τας αρμοδίας υπηρεσίας προς τακτοποίησιν των εκκρεμοτήτων των, διά να αποφευχθή η επιβολή κυρώσεων. Κατά την ανακοίνωσιν, το μέτρον ελήφθη κατόπιν αιτημάτων των οικείων οργανώσεων και εις τα πλαίσια της ομαλής λειτουργίας της αγοράς. Επίσης ορίζεται ότι αι σχετικαί πράξεις θα ισχύουν από της δημοσιεύσεως της αποφάσεως εις την Εφημερίδα της Κυβερνήσεως.

ΘΕΡΜΑΙ ΣΧΕΣΕΙΣ ΤΟΥ ΚΑΤΑΡ ΜΕ ΤΟ ΤΣΑΝΤ

ΑΘΗΝΑΙ, 7. — Υπό του υπουργείου εγένετο γνωστόν ότι παρατείνεται η προθεσμία υποβολής των σχετικών στοιχείων και δηλώσεων, συμφώνως προς τας διατάξεις του νόμου, μέχρι της 20ής Μαρτίου 1974. Αι επιχειρήσεις και οι ενδιαφερόμενοι καλούνται να προσέλθουν εις τας αρμοδίας υπηρεσίας προς τακτοποίησιν των εκκρεμοτήτων των, διά να αποφευχθή η επιβολή κυρώσεων. Κατά την ανακοίνωσιν, το μέτρον ελήφθη κατόπιν αιτημάτων των οικείων οργανώσεων και εις τα πλαίσια της ομαλής λειτουργίας της αγοράς. Επίσης ορίζεται ότι αι σχετικαί πράξεις θα ισχύουν από της δημοσιεύσεως της αποφάσεως εις την Εφημερίδα της Κυβερνήσεως.

ΓΑΛΛΙΚΟΝ ΒΡΑΒΕΙΟΝ ΔΗΜΟΣΙΟΓΡΑΦΙΑΣ ΕΙΣ ΑΡΑΒΑ

ΑΘΗΝΑΙ, 7. — Υπό του υπουργείου εγένετο γνωστόν ότι παρατείνεται η προθεσμία υποβολής των σχετικών στοιχείων και δηλώσεων, συμφώνως προς τας διατάξεις του νόμου, μέχρι της 20ής Μαρτίου 1974. Αι επιχειρήσεις και οι ενδιαφερόμενοι καλούνται να προσέλθουν εις τας αρμοδίας υπηρεσίας προς τακτοποίησιν των εκκρεμοτήτων των, διά να αποφευχθή η επιβολή κυρώσεων. Κατά την ανακοίνωσιν, το μέτρον ελήφθη κατόπιν αιτημάτων των οικείων οργανώσεων και εις τα πλαίσια της ομαλής λειτουργίας της αγοράς. Επίσης ορίζεται ότι αι σχετικαί πράξεις θα ισχύουν από της δημοσιεύσεως της αποφάσεως εις την Εφημερίδα της Κυβερνήσεως.

ΣΧΟΛΗ ΠΡΟΠΑΙΔΕΥΣΕΩΣ ΕΜΠΟΡΙΚΟΥ ΝΑΥΤΙΚΟΥ

ΑΘΗΝΑΙ, 7. — Υπό του υπουργείου εγένετο γνωστόν ότι παρατείνεται η προθεσμία υποβολής των σχετικών στοιχείων και δηλώσεων, συμφώνως προς τας διατάξεις του νόμου, μέχρι της 20ής Μαρτίου 1974. Αι επιχειρήσεις και οι ενδιαφερόμενοι καλούνται να προσέλθουν εις τας αρμοδίας υπηρεσίας προς τακτοποίησιν των εκκρεμοτήτων των, διά να αποφευχθή η επιβολή κυρώσεων. Κατά την ανακοίνωσιν, το μέτρον ελήφθη κατόπιν αιτημάτων των οικείων οργανώσεων και εις τα πλαίσια της ομαλής λειτουργίας της αγοράς. Επίσης ορίζεται ότι αι σχετικαί πράξεις θα ισχύουν από της δημοσιεύσεως της αποφάσεως εις την Εφημερίδα της Κυβερνήσεως.

ΑΙ ΣΥΝΕΡΓΑΣΙΑΙ ΤΟΥ κ. ΚΥΠΡΑΙΟΥ

ΑΘΗΝΑΙ, 7. — Υπό του υπουργείου εγένετο γνωστόν ότι παρατείνεται η προθεσμία υποβολής των σχετικών στοιχείων και δηλώσεων, συμφώνως προς τας διατάξεις του νόμου, μέχρι της 20ής Μαρτίου 1974. Αι επιχειρήσεις και οι ενδιαφερόμενοι καλούνται να προσέλθουν εις τας αρμοδίας υπηρεσίας προς τακτοποίησιν των εκκρεμοτήτων των, διά να αποφευχθή η επιβολή κυρώσεων. Κατά την ανακοίνωσιν, το μέτρον ελήφθη κατόπιν αιτημάτων των οικείων οργανώσεων και εις τα πλαίσια της ομαλής λειτουργίας της αγοράς. Επίσης ορίζεται ότι αι σχετικαί πράξεις θα ισχύουν από της δημοσιεύσεως της αποφάσεως εις την Εφημερίδα της Κυβερνήσεως.

Ο ΝΕΟΣ ΠΡΟΕΔΡΟΣ ΤΗΣ ΓΕΝΙΚΗΣ ΤΡΑΠΕΖΗΣ

ΑΘΗΝΑΙ, 7. — Υπό του υπουργείου εγένετο γνωστόν ότι παρατείνεται η προθεσμία υποβολής των σχετικών στοιχείων και δηλώσεων, συμφώνως προς τας διατάξεις του νόμου, μέχρι της 20ής Μαρτίου 1974. Αι επιχειρήσεις και οι ενδιαφερόμενοι καλούνται να προσέλθουν εις τας αρμοδίας υπηρεσίας προς τακτοποίησιν των εκκρεμοτήτων των, διά να αποφευχθή η επιβολή κυρώσεων. Κατά την ανακοίνωσιν, το μέτρον ελήφθη κατόπιν αιτημάτων των οικείων οργανώσεων και εις τα πλαίσια της ομαλής λειτουργίας της αγοράς. Επίσης ορίζεται ότι αι σχετικαί πράξεις θα ισχύουν από της δημοσιεύσεως της αποφάσεως εις την Εφημερίδα της Κυβερνήσεως.

ΑΠΟΧΩΡΕΙ ΓΕΝΙΚΟΣ ΔΙΕΥΘΥΝΤΗΣ

ΑΘΗΝΑΙ, 7. — Υπό του υπουργείου εγένετο γνωστόν ότι παρατείνεται η προθεσμία υποβολής των σχετικών στοιχείων και δηλώσεων, συμφώνως προς τας διατάξεις του νόμου, μέχρι της 20ής Μαρτίου 1974. Αι επιχειρήσεις και οι ενδιαφερόμενοι καλούνται να προσέλθουν εις τας αρμοδίας υπηρεσίας προς τακτοποίησιν των εκκρεμοτήτων των, διά να αποφευχθή η επιβολή κυρώσεων. Κατά την ανακοίνωσιν, το μέτρον ελήφθη κατόπιν αιτημάτων των οικείων οργανώσεων και εις τα πλαίσια της ομαλής λειτουργίας της αγοράς. Επίσης ορίζεται ότι αι σχετικαί πράξεις θα ισχύουν από της δημοσιεύσεως της αποφάσεως εις την Εφημερίδα της Κυβερνήσεως.

ΕΥΧΑΡΙΣΤΟΥΝ ΤΗΝ ΚΥΒΕΡΝΗΣΙΝ

ΑΘΗΝΑΙ, 7. — Υπό του υπουργείου εγένετο γνωστόν ότι παρατείνεται η προθεσμία υποβολής των σχετικών στοιχείων και δηλώσεων, συμφώνως προς τας διατάξεις του νόμου, μέχρι της 20ής Μαρτίου 1974. Αι επιχειρήσεις και οι ενδιαφερόμενοι καλούνται να προσέλθουν εις τας αρμοδίας υπηρεσίας προς τακτοποίησιν των εκκρεμοτήτων των, διά να αποφευχθή η επιβολή κυρώσεων. Κατά την ανακοίνωσιν, το μέτρον ελήφθη κατόπιν αιτημάτων των οικείων οργανώσεων και εις τα πλαίσια της ομαλής λειτουργίας της αγοράς. Επίσης ορίζεται ότι αι σχετικαί πράξεις θα ισχύουν από της δημοσιεύσεως της αποφάσεως εις την Εφημερίδα της Κυβερνήσεως.

ΥΠΕΣΤΗ ΕΓΚΑΥΜΑΤΑ ΥΠΟ ΖΕΟΝΤΟΣ ΥΔΑΤΟΣ

ΑΘΗΝΑΙ, 7. — Υπό του υπουργείου εγένετο γνωστόν ότι παρατείνεται η προθεσμία υποβολής των σχετικών στοιχείων και δηλώσεων, συμφώνως προς τας διατάξεις του νόμου, μέχρι της 20ής Μαρτίου 1974. Αι επιχειρήσεις και οι ενδιαφερόμενοι καλούνται να προσέλθουν εις τας αρμοδίας υπηρεσίας προς τακτοποίησιν των εκκρεμοτήτων των, διά να αποφευχθή η επιβολή κυρώσεων. Κατά την ανακοίνωσιν, το μέτρον ελήφθη κατόπιν αιτημάτων των οικείων οργανώσεων και εις τα πλαίσια της ομαλής λειτουργίας της αγοράς. Επίσης ορίζεται ότι αι σχετικαί πράξεις θα ισχύουν από της δημοσιεύσεως της αποφάσεως εις την Εφημερίδα της Κυβερνήσεως.

ΑΥΞΑΝΟΝΤΑΙ ΑΙ ΑΠΟΔΟΧΑΙ ΕΡΓΑΖΟΜΕΝΩΝ ΕΙΣ ΖΑΧΑΡΟΠΛΑΣΤΕΙΑ ΚΑΙ ΕΙΣ ΕΡΓΟΣΤΑΣΙΑ ΠΑΣΤΕΡΙΩΣΕΩΣ ΓΑΛΑΚΤΟΣ ΚΑΙ ΖΥΜΑΡΙΚΩΝ

ΑΘΗΝΑΙ, 7. — Υπό του υπουργείου εγένετο γνωστόν ότι παρατείνεται η προθεσμία υποβολής των σχετικών στοιχείων και δηλώσεων, συμφώνως προς τας διατάξεις του νόμου, μέχρι της 20ής Μαρτίου 1974. Αι επιχειρήσεις και οι ενδιαφερόμενοι καλούνται να προσέλθουν εις τας αρμοδίας υπηρεσίας προς τακτοποίησιν των εκκρεμοτήτων των, διά να αποφευχθή η επιβολή κυρώσεων. Κατά την ανακοίνωσιν, το μέτρον ελήφθη κατόπιν αιτημάτων των οικείων οργανώσεων και εις τα πλαίσια της ομαλής λειτουργίας της αγοράς. Επίσης ορίζεται ότι αι σχετικαί πράξεις θα ισχύουν από της δημοσιεύσεως της αποφάσεως εις την Εφημερίδα της Κυβερνήσεως.

ΑΘΗΝΑΙ, 7. — Υπό του υπουργείου εγένετο γνωστόν ότι παρατείνεται η προθεσμία υποβολής των σχετικών στοιχείων και δηλώσεων, συμφώνως προς τας διατάξεις του νόμου, μέχρι της 20ής Μαρτίου 1974. Αι επιχειρήσεις και οι ενδιαφερόμενοι καλούνται να προσέλθουν εις τας αρμοδίας υπηρεσίας προς τακτοποίησιν των εκκρεμοτήτων των, διά να αποφευχθή η επιβολή κυρώσεων. Κατά την ανακοίνωσιν, το μέτρον ελήφθη κατόπιν αιτημάτων των οικείων οργανώσεων και εις τα πλαίσια της ομαλής λειτουργίας της αγοράς. Επίσης ορίζεται ότι αι σχετικαί πράξεις θα ισχύουν από της δημοσιεύσεως της αποφάσεως εις την Εφημερίδα της Κυβερνήσεως.

ΑΘΗΝΑΙ, 7. — Υπό του υπουργείου εγένετο γνωστόν ότι παρατείνεται η προθεσμία υποβολής των σχετικών στοιχείων και δηλώσεων, συμφώνως προς τας διατάξεις του νόμου, μέχρι της 20ής Μαρτίου 1974. Αι επιχειρήσεις και οι ενδιαφερόμενοι καλούνται να προσέλθουν εις τας αρμοδίας υπηρεσίας προς τακτοποίησιν των εκκρεμοτήτων των, διά να αποφευχθή η επιβολή κυρώσεων. Κατά την ανακοίνωσιν, το μέτρον ελήφθη κατόπιν αιτημάτων των οικείων οργανώσεων και εις τα πλαίσια της ομαλής λειτουργίας της αγοράς. Επίσης ορίζεται ότι αι σχετικαί πράξεις θα ισχύουν από της δημοσιεύσεως της αποφάσεως εις την Εφημερίδα της Κυβερνήσεως.

ΑΘΗΝΑΙ, 7. — Υπό του υπουργείου εγένετο γνωστόν ότι παρατείνεται η προθεσμία υποβολής των σχετικών στοιχείων και δηλώσεων, συμφώνως προς τας διατάξεις του νόμου, μέχρι της 20ής Μαρτίου 1974. Αι επιχειρήσεις και οι ενδιαφερόμενοι καλούνται να προσέλθουν εις τας αρμοδίας υπηρεσίας προς τακτοποίησιν των εκκρεμοτήτων των, διά να αποφευχθή η επιβολή κυρώσεων. Κατά την ανακοίνωσιν, το μέτρον ελήφθη κατόπιν αιτημάτων των οικείων οργανώσεων και εις τα πλαίσια της ομαλής λειτουργίας της αγοράς. Επίσης ορίζεται ότι αι σχετικαί πράξεις θα ισχύουν από της δημοσιεύσεως της αποφάσεως εις την Εφημερίδα της Κυβερνήσεως.

Ο ΖΑΧΑΡΩΦ ΕΖΗΤΗΣΕΝ ΑΠΟ ΔΥΤΙΚΑΣ ΧΩΡΑΣ ΤΗΝ ΘΕΡΜΗΝ ΣΥΜΠΑΡΑΣΤΑΣΙΝ ΤΩΝ ΥΠΕΡ ΤΟΥ ΚΑΤΑΔΙΚΑΣΘΕΝΤΟΣ ΚΑΟΥΣΤΩΦ

ΑΘΗΝΑΙ, 7. — Υπό του υπουργείου εγένετο γνωστόν ότι παρατείνεται η προθεσμία υποβολής των σχετικών στοιχείων και δηλώσεων, συμφώνως προς τας διατάξεις του νόμου, μέχρι της 20ής Μαρτίου 1974. Αι επιχειρήσεις και οι ενδιαφερόμενοι καλούνται να προσέλθουν εις τας αρμοδίας υπηρεσίας προς τακτοποίησιν των εκκρεμοτήτων των, διά να αποφευχθή η επιβολή κυρώσεων. Κατά την ανακοίνωσιν, το μέτρον ελήφθη κατόπιν αιτημάτων των οικείων οργανώσεων και εις τα πλαίσια της ομαλής λειτουργίας της αγοράς. Επίσης ορίζεται ότι αι σχετικαί πράξεις θα ισχύουν από της δημοσιεύσεως της αποφάσεως εις την Εφημερίδα της Κυβερνήσεως.

Ο ΑΡΙΘΜΟΣ ΤΩΝ ΚΡΑΤΟΥΜΕΝΩΝ

ΑΘΗΝΑΙ, 7. — Υπό του υπουργείου εγένετο γνωστόν ότι παρατείνεται η προθεσμία υποβολής των σχετικών στοιχείων και δηλώσεων, συμφώνως προς τας διατάξεις του νόμου, μέχρι της 20ής Μαρτίου 1974. Αι επιχειρήσεις και οι ενδιαφερόμενοι καλούνται να προσέλθουν εις τας αρμοδίας υπηρεσίας προς τακτοποίησιν των εκκρεμοτήτων των, διά να αποφευχθή η επιβολή κυρώσεων. Κατά την ανακοίνωσιν, το μέτρον ελήφθη κατόπιν αιτημάτων των οικείων οργανώσεων και εις τα πλαίσια της ομαλής λειτουργίας της αγοράς. Επίσης ορίζεται ότι αι σχετικαί πράξεις θα ισχύουν από της δημοσιεύσεως της αποφάσεως εις την Εφημερίδα της Κυβερνήσεως.

ΠΑΡΕΧΟΝΤΑΙ ΚΙΝΗΤΡΑ ΕΙΣ ΤΑΣ ΕΠΙΧΕΙΡΗΣΕΙΣ ΔΙΑ ΝΑ ΠΡΟΒΟΥΝ ΕΙΣ ΤΗΝ ΙΔΡΥΣΙΝ ΚΑΙ ΕΠΕΚΤΑΣΙΝ ΒΙΟΜΗΧΑΝΙΚΩΝ ΜΟΝΑΔΩΝ

ΑΘΗΝΑΙ, 7. — Υπό του υπουργείου εγένετο γνωστόν ότι παρατείνεται η προθεσμία υποβολής των σχετικών στοιχείων και δηλώσεων, συμφώνως προς τας διατάξεις του νόμου, μέχρι της 20ής Μαρτίου 1974. Αι επιχειρήσεις και οι ενδιαφερόμενοι καλούνται να προσέλθουν εις τας αρμοδίας υπηρεσίας προς τακτοποίησιν των εκκρεμοτήτων των, διά να αποφευχθή η επιβολή κυρώσεων. Κατά την ανακοίνωσιν, το μέτρον ελήφθη κατόπιν αιτημάτων των οικείων οργανώσεων και εις τα πλαίσια της ομαλής λειτουργίας της αγοράς. Επίσης ορίζεται ότι αι σχετικαί πράξεις θα ισχύουν από της δημοσιεύσεως της αποφάσεως εις την Εφημερίδα της Κυβερνήσεως.

ΑΘΗΝΑΙ, 7. — Υπό του υπουργείου εγένετο γνωστόν ότι παρατείνεται η προθεσμία υποβολής των σχετικών στοιχείων και δηλώσεων, συμφώνως προς τας διατάξεις του νόμου, μέχρι της 20ής Μαρτίου 1974. Αι επιχειρήσεις και οι ενδιαφερόμενοι καλούνται να προσέλθουν εις τας αρμοδίας υπηρεσίας προς τακτοποίησιν των εκκρεμοτήτων των, διά να αποφευχθή η επιβολή κυρώσεων. Κατά την ανακοίνωσιν, το μέτρον ελήφθη κατόπιν αιτημάτων των οικείων οργανώσεων και εις τα πλαίσια της ομαλής λειτουργίας της αγοράς. Επίσης ορίζεται ότι αι σχετικαί πράξεις θα ισχύουν από της δημοσιεύσεως της αποφάσεως εις την Εφημερίδα της Κυβερνήσεως.

Ο κ. ΣΚΙΑΔΟΠΟΥΛΟΣ ΕΚΗΡΥΞΕ ΤΗΝ ΕΝΑΡΞΙΝ ΤΟΥ ΣΥΝΕΔΡΙΟΥ ΝΑΥΤΙΛΙΑΚΩΝ ΔΙΕΥΘΥΝΤΩΝ

ΑΘΗΝΑΙ, 7. — Υπό του υπουργείου εγένετο γνωστόν ότι παρατείνεται η προθεσμία υποβολής των σχετικών στοιχείων και δηλώσεων, συμφώνως προς τας διατάξεις του νόμου, μέχρι της 20ής Μαρτίου 1974. Αι επιχειρήσεις και οι ενδιαφερόμενοι καλούνται να προσέλθουν εις τας αρμοδίας υπηρεσίας προς τακτοποίησιν των εκκρεμοτήτων των, διά να αποφευχθή η επιβολή κυρώσεων. Κατά την ανακοίνωσιν, το μέτρον ελήφθη κατόπιν αιτημάτων των οικείων οργανώσεων και εις τα πλαίσια της ομαλής λειτουργίας της αγοράς. Επίσης ορίζεται ότι αι σχετικαί πράξεις θα ισχύουν από της δημοσιεύσεως της αποφάσεως εις την Εφημερίδα της Κυβερνήσεως.

ΑΘΗΝΑΙ, 7. — Υπό του υπουργείου εγένετο γνωστόν ότι παρατείνεται η προθεσμία υποβολής των σχετικών στοιχείων και δηλώσεων, συμφώνως προς τας διατάξεις του νόμου, μέχρι της 20ής Μαρτίου 1974. Αι επιχειρήσεις και οι ενδιαφερόμενοι καλούνται να προσέλθουν εις τας αρμοδίας υπηρεσίας προς τακτοποίησιν των εκκρεμοτήτων των, διά να αποφευχθή η επιβολή κυρώσεων. Κατά την ανακοίνωσιν, το μέτρον ελήφθη κατόπιν αιτημάτων των οικείων οργανώσεων και εις τα πλαίσια της ομαλής λειτουργίας της αγοράς. Επίσης ορίζεται ότι αι σχετικαί πράξεις θα ισχύουν από της δημοσιεύσεως της αποφάσεως εις την Εφημερίδα της Κυβερνήσεως.

ΔΥΟ ΘΑΝΑΤΟΙ ΚΑΙ ΟΚΤΩ ΤΡΑΥΜΑΤΙΣΜΟΙ ΣΥΝΕΠΕΙΑ ΤΩΝ ΤΡΟΧΑΙΩΝ ΔΥΣΤΥΧΗΜΑΤΩΝ

ΑΘΗΝΑΙ, 7. — Υπό του υπουργείου εγένετο γνωστόν ότι παρατείνεται η προθεσμία υποβολής των σχετικών στοιχείων και δηλώσεων, συμφώνως προς τας διατάξεις του νόμου, μέχρι της 20ής Μαρτίου 1974. Αι επιχειρήσεις και οι ενδιαφερόμενοι καλούνται να προσέλθουν εις τας αρμοδίας υπηρεσίας προς τακτοποίησιν των εκκρεμοτήτων των, διά να αποφευχθή η επιβολή κυρώσεων. Κατά την ανακοίνωσιν, το μέτρον ελήφθη κατόπιν αιτημάτων των οικείων οργανώσεων και εις τα πλαίσια της ομαλής λειτουργίας της αγοράς. Επίσης ορίζεται ότι αι σχετικαί πράξεις θα ισχύουν από της δημοσιεύσεως της αποφάσεως εις την Εφημερίδα της Κυβερνήσεως.

ΚΑΙ ΑΛΛΗ ΝΕΚΡΗ

ΑΘΗΝΑΙ, 7. — Υπό του υπουργείου εγένετο γνωστόν ότι παρατείνεται η προθεσμία υποβολής των σχετικών στοιχείων και δηλώσεων, συμφώνως προς τας διατάξεις του νόμου, μέχρι της 20ής Μαρτίου 1974. Αι επιχειρήσεις και οι ενδιαφερόμενοι καλούνται να προσέλθουν εις τας αρμοδίας υπηρεσίας προς τακτοποίησιν των εκκρεμοτήτων των, διά να αποφευχθή η επιβολή κυρώσεων. Κατά την ανακοίνωσιν, το μέτρον ελήφθη κατόπιν αιτημάτων των οικείων οργανώσεων και εις τα πλαίσια της ομαλής λειτουργίας της αγοράς. Επίσης ορίζεται ότι αι σχετικαί πράξεις θα ισχύουν από της δημοσιεύσεως της αποφάσεως εις την Εφημερίδα της Κυβερνήσεως.
